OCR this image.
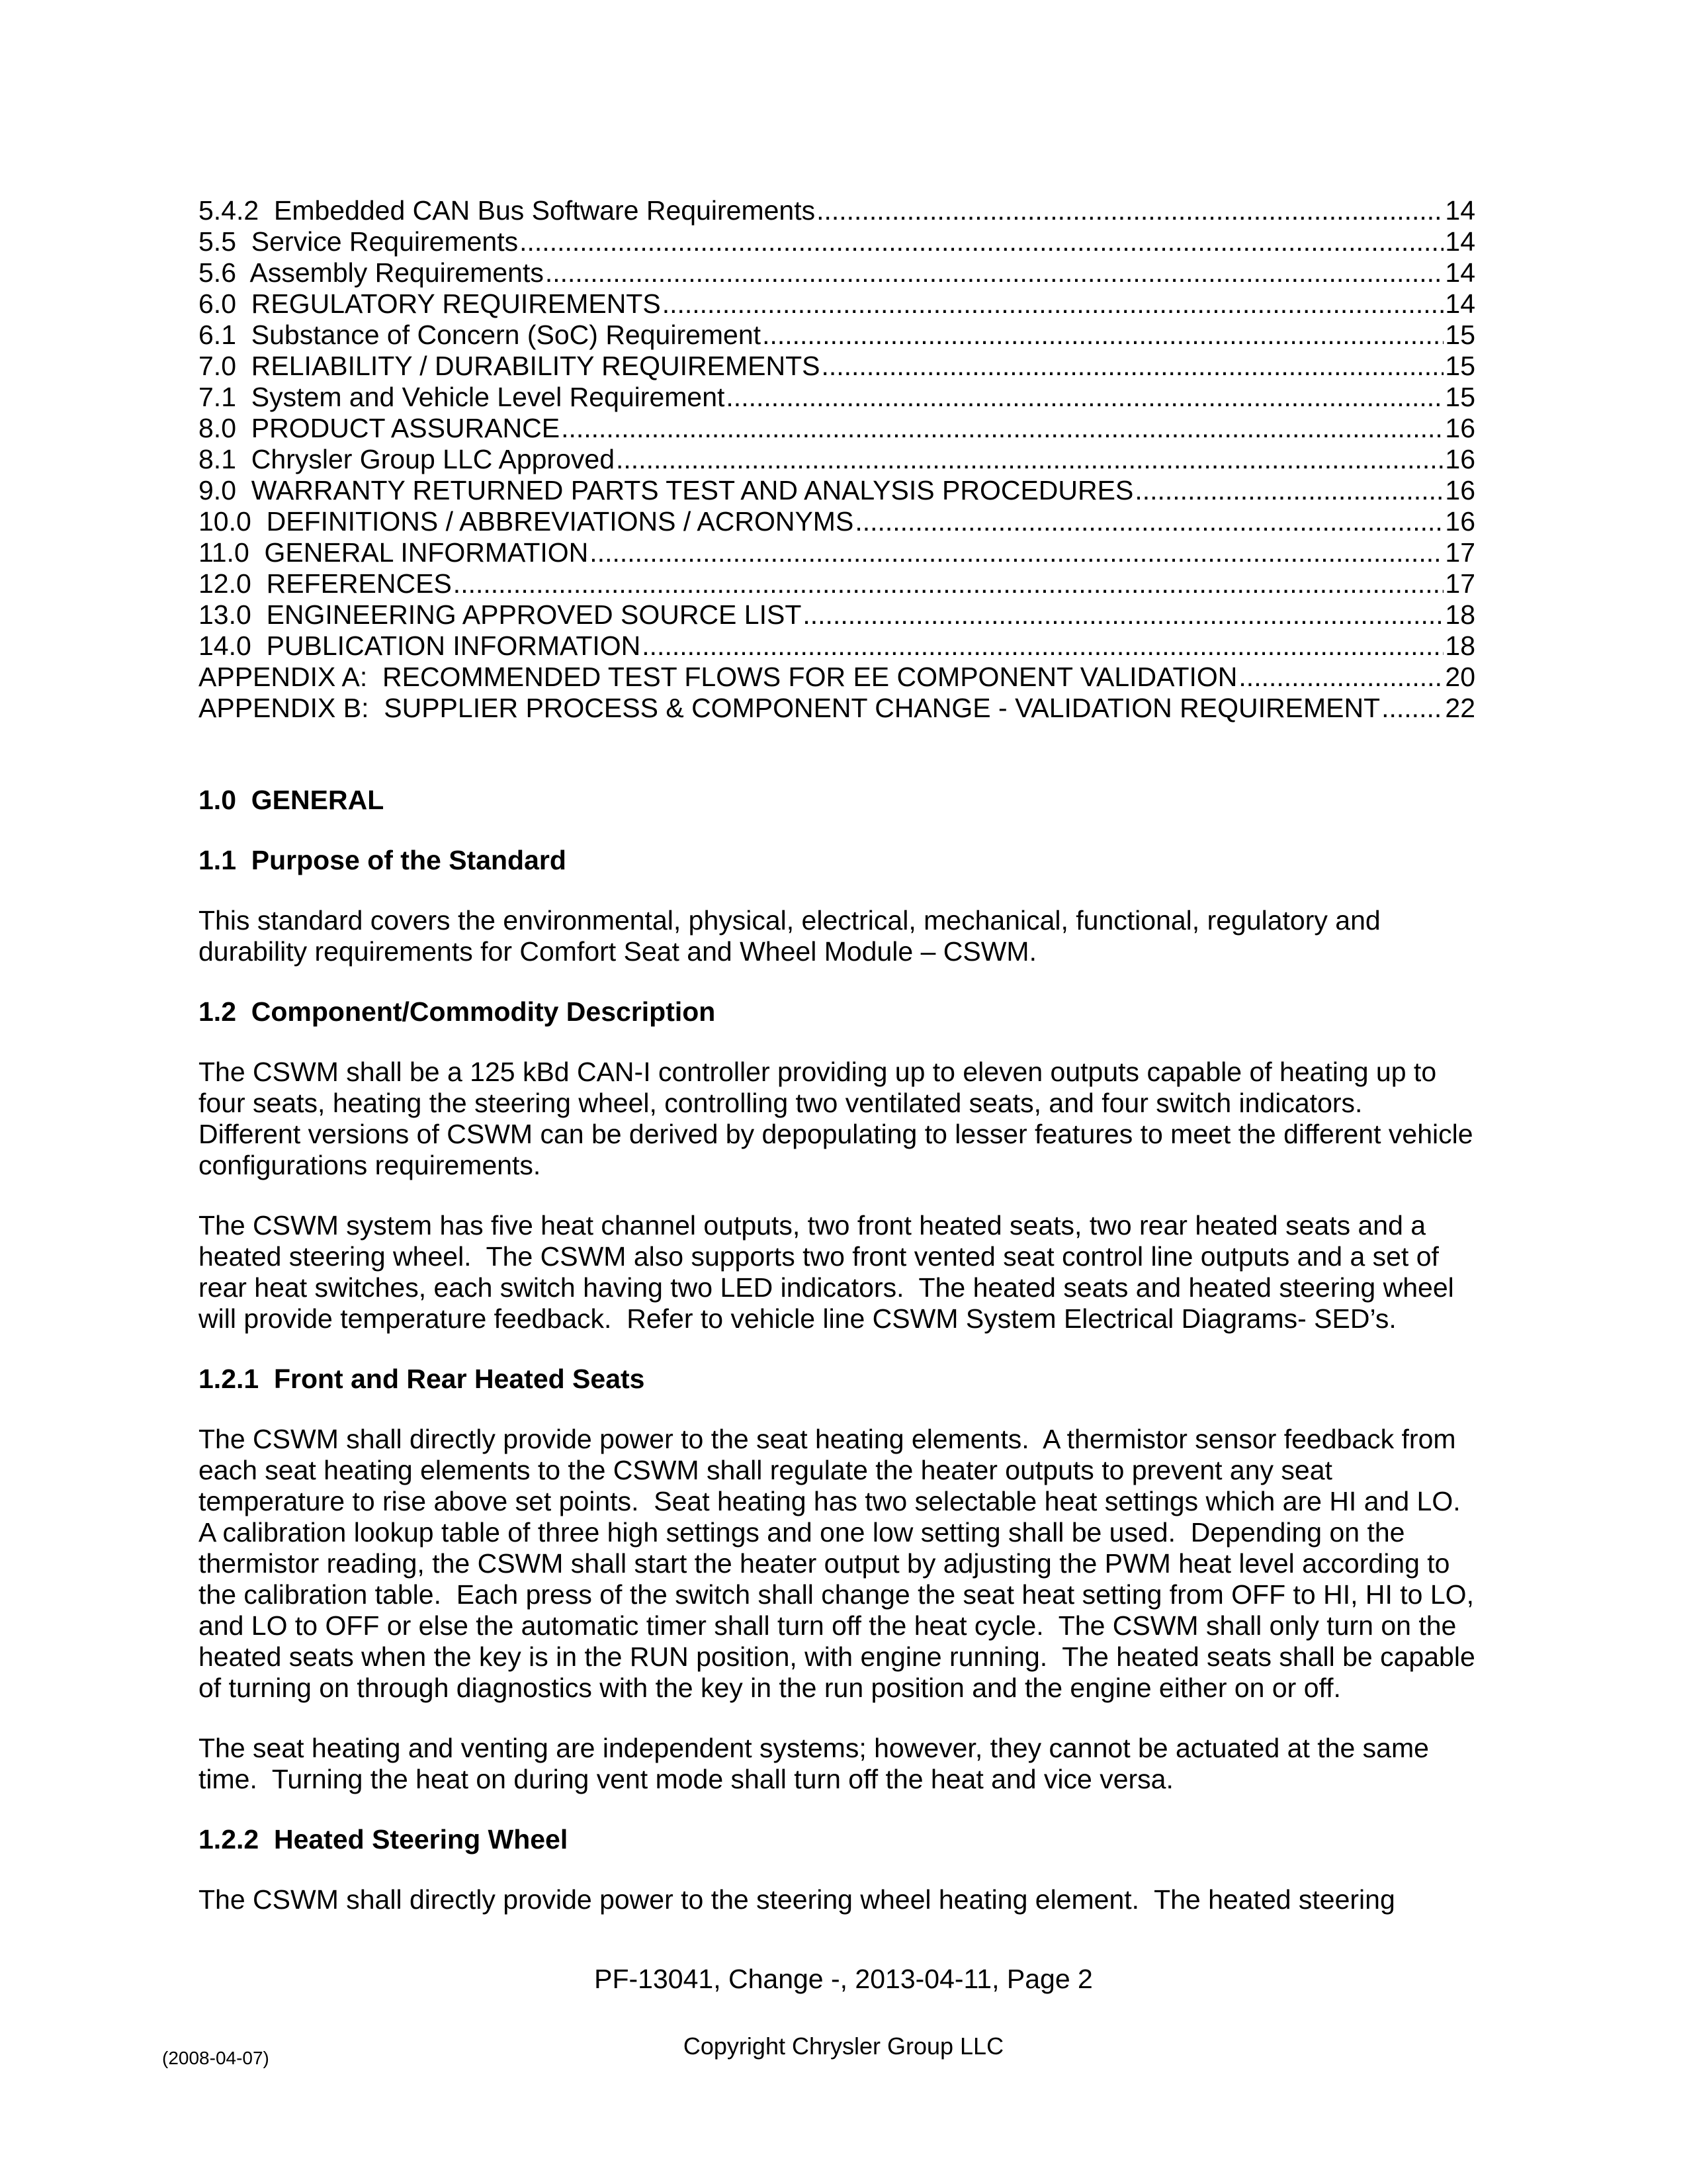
5.4.2  Embedded CAN Bus Software Requirements .....	14
5.5  Service Requirements .....	14
5.6  Assembly Requirements .....	14
6.0  REGULATORY REQUIREMENTS .....	14
6.1  Substance of Concern (SoC) Requirement .....	15
7.0  RELIABILITY / DURABILITY REQUIREMENTS .....	15
7.1  System and Vehicle Level Requirement .....	15
8.0  PRODUCT ASSURANCE .....	16
8.1  Chrysler Group LLC Approved .....	16
9.0  WARRANTY RETURNED PARTS TEST AND ANALYSIS PROCEDURES .....	16
10.0  DEFINITIONS / ABBREVIATIONS / ACRONYMS .....	16
11.0  GENERAL INFORMATION .....	17
12.0  REFERENCES .....	17
13.0  ENGINEERING APPROVED SOURCE LIST .....	18
14.0  PUBLICATION INFORMATION .....	18
APPENDIX A:  RECOMMENDED TEST FLOWS FOR EE COMPONENT VALIDATION .....	20
APPENDIX B:  SUPPLIER PROCESS & COMPONENT CHANGE - VALIDATION REQUIREMENT ..... 22
1.0  GENERAL
1.1  Purpose of the Standard

This standard covers the environmental, physical, electrical, mechanical, functional, regulatory and durability requirements for Comfort Seat and Wheel Module – CSWM.

1.2  Component/Commodity Description

The CSWM shall be a 125 kBd CAN-I controller providing up to eleven outputs capable of heating up to four seats, heating the steering wheel, controlling two ventilated seats, and four switch indicators.  Different versions of CSWM can be derived by depopulating to lesser features to meet the different vehicle configurations requirements.

The CSWM system has five heat channel outputs, two front heated seats, two rear heated seats and a heated steering wheel.  The CSWM also supports two front vented seat control line outputs and a set of rear heat switches, each switch having two LED indicators.  The heated seats and heated steering wheel will provide temperature feedback.  Refer to vehicle line CSWM System Electrical Diagrams- SED’s.

1.2.1  Front and Rear Heated Seats

The CSWM shall directly provide power to the seat heating elements.  A thermistor sensor feedback from each seat heating elements to the CSWM shall regulate the heater outputs to prevent any seat temperature to rise above set points.  Seat heating has two selectable heat settings which are HI and LO.  A calibration lookup table of three high settings and one low setting shall be used.  Depending on the thermistor reading, the CSWM shall start the heater output by adjusting the PWM heat level according to the calibration table.  Each press of the switch shall change the seat heat setting from OFF to HI, HI to LO, and LO to OFF or else the automatic timer shall turn off the heat cycle.  The CSWM shall only turn on the heated seats when the key is in the RUN position, with engine running.  The heated seats shall be capable of turning on through diagnostics with the key in the run position and the engine either on or off.

The seat heating and venting are independent systems; however, they cannot be actuated at the same time.  Turning the heat on during vent mode shall turn off the heat and vice versa.

1.2.2  Heated Steering Wheel

The CSWM shall directly provide power to the steering wheel heating element.  The heated steering

PF-13041, Change -, 2013-04-11, Page 2
Copyright Chrysler Group LLC
(2008-04-07)
